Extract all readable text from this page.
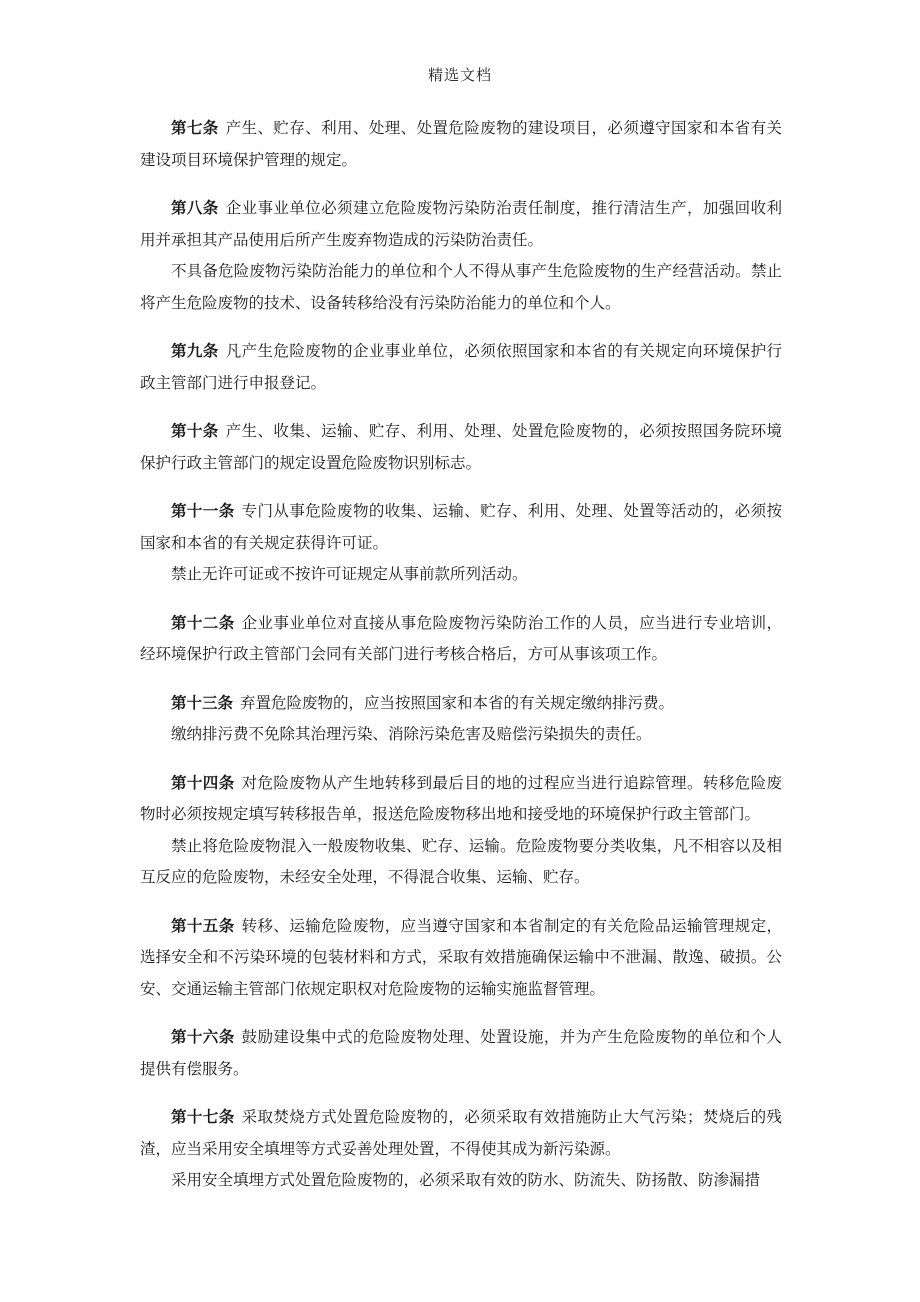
精选文档

第七条 产生、贮存、利用、处理、处置危险废物的建设项目，必须遵守国家和本省有关建设项目环境保护管理的规定。

第八条 企业事业单位必须建立危险废物污染防治责任制度，推行清洁生产，加强回收利用并承担其产品使用后所产生废弃物造成的污染防治责任。

不具备危险废物污染防治能力的单位和个人不得从事产生危险废物的生产经营活动。禁止将产生危险废物的技术、设备转移给没有污染防治能力的单位和个人。

第九条 凡产生危险废物的企业事业单位，必须依照国家和本省的有关规定向环境保护行政主管部门进行申报登记。

第十条 产生、收集、运输、贮存、利用、处理、处置危险废物的，必须按照国务院环境保护行政主管部门的规定设置危险废物识别标志。

第十一条 专门从事危险废物的收集、运输、贮存、利用、处理、处置等活动的，必须按国家和本省的有关规定获得许可证。

禁止无许可证或不按许可证规定从事前款所列活动。

第十二条 企业事业单位对直接从事危险废物污染防治工作的人员，应当进行专业培训，经环境保护行政主管部门会同有关部门进行考核合格后，方可从事该项工作。

第十三条 弃置危险废物的，应当按照国家和本省的有关规定缴纳排污费。

缴纳排污费不免除其治理污染、消除污染危害及赔偿污染损失的责任。

第十四条 对危险废物从产生地转移到最后目的地的过程应当进行追踪管理。转移危险废物时必须按规定填写转移报告单，报送危险废物移出地和接受地的环境保护行政主管部门。

禁止将危险废物混入一般废物收集、贮存、运输。危险废物要分类收集，凡不相容以及相互反应的危险废物，未经安全处理，不得混合收集、运输、贮存。

第十五条 转移、运输危险废物，应当遵守国家和本省制定的有关危险品运输管理规定，选择安全和不污染环境的包装材料和方式，采取有效措施确保运输中不泄漏、散逸、破损。公安、交通运输主管部门依规定职权对危险废物的运输实施监督管理。

第十六条 鼓励建设集中式的危险废物处理、处置设施，并为产生危险废物的单位和个人提供有偿服务。

第十七条 采取焚烧方式处置危险废物的，必须采取有效措施防止大气污染；焚烧后的残渣，应当采用安全填埋等方式妥善处理处置，不得使其成为新污染源。

采用安全填埋方式处置危险废物的，必须采取有效的防水、防流失、防扬散、防渗漏措
